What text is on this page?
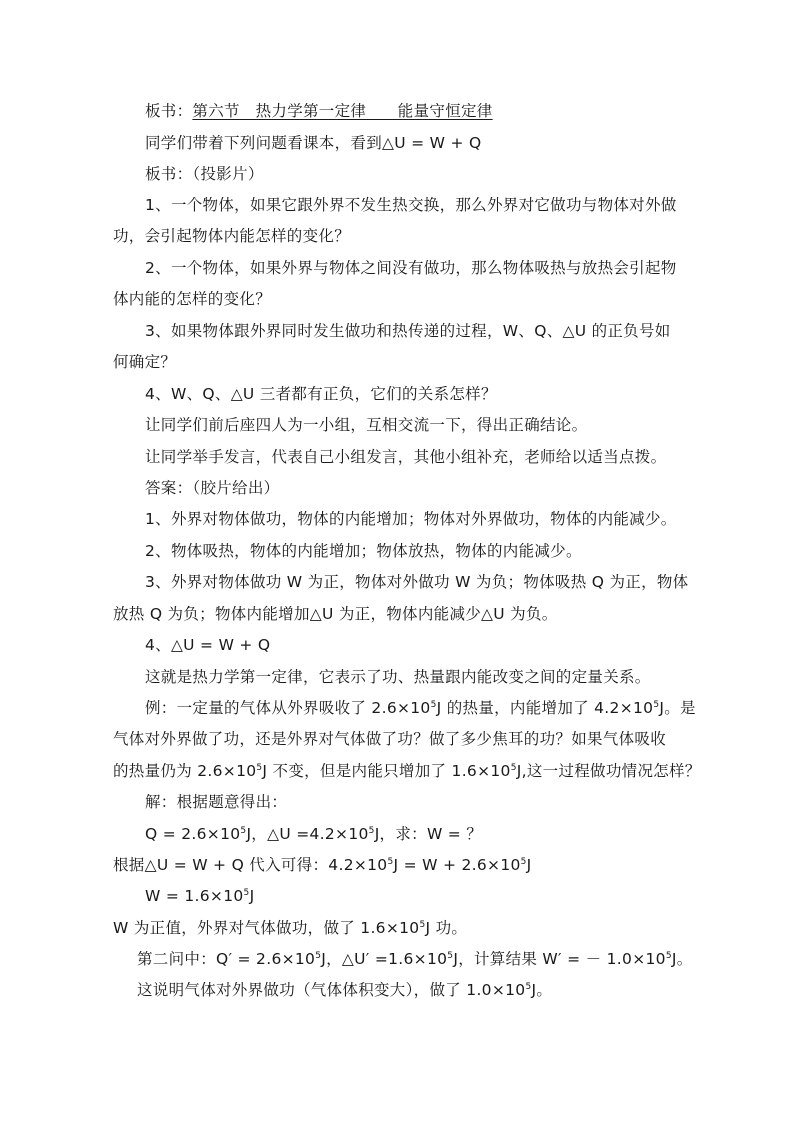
板书：第六节　热力学第一定律　　能量守恒定律
同学们带着下列问题看课本，看到△U = W + Q
板书：（投影片）
1、一个物体，如果它跟外界不发生热交换，那么外界对它做功与物体对外做
功，会引起物体内能怎样的变化？
2、一个物体，如果外界与物体之间没有做功，那么物体吸热与放热会引起物
体内能的怎样的变化？
3、如果物体跟外界同时发生做功和热传递的过程，W、Q、△U 的正负号如
何确定？
4、W、Q、△U 三者都有正负，它们的关系怎样？
让同学们前后座四人为一小组，互相交流一下，得出正确结论。
让同学举手发言，代表自己小组发言，其他小组补充，老师给以适当点拨。
答案：（胶片给出）
1、外界对物体做功，物体的内能增加；物体对外界做功，物体的内能减少。
2、物体吸热，物体的内能增加；物体放热，物体的内能减少。
3、外界对物体做功 W 为正，物体对外做功 W 为负；物体吸热 Q 为正，物体
放热 Q 为负；物体内能增加△U 为正，物体内能减少△U 为负。
4、△U = W + Q
这就是热力学第一定律，它表示了功、热量跟内能改变之间的定量关系。
例：一定量的气体从外界吸收了 $2.6\times 10^5J$ 的热量，内能增加了 $4.2\times 10^5J$。是
气体对外界做了功，还是外界对气体做了功？做了多少焦耳的功？如果气体吸收
的热量仍为 $2.6\times 10^5J$ 不变，但是内能只增加了 $1.6\times 10^5J$,这一过程做功情况怎样？
解：根据题意得出：
$Q = 2.6\times 10^5J$，△U $=4.2\times 10^5J$，求：W = ？
根据△U = W + Q 代入可得：$4.2\times 10^5J = W + 2.6\times 10^5J$
$W = 1.6\times 10^5J$
W 为正值，外界对气体做功，做了 $1.6\times 10^5J$ 功。
第二问中：$Q' = 2.6\times 10^5J$，△U′ $=1.6\times 10^5J$，计算结果 W′ = － $1.0\times 10^5J$。
这说明气体对外界做功（气体体积变大），做了 $1.0\times 10^5J$。
